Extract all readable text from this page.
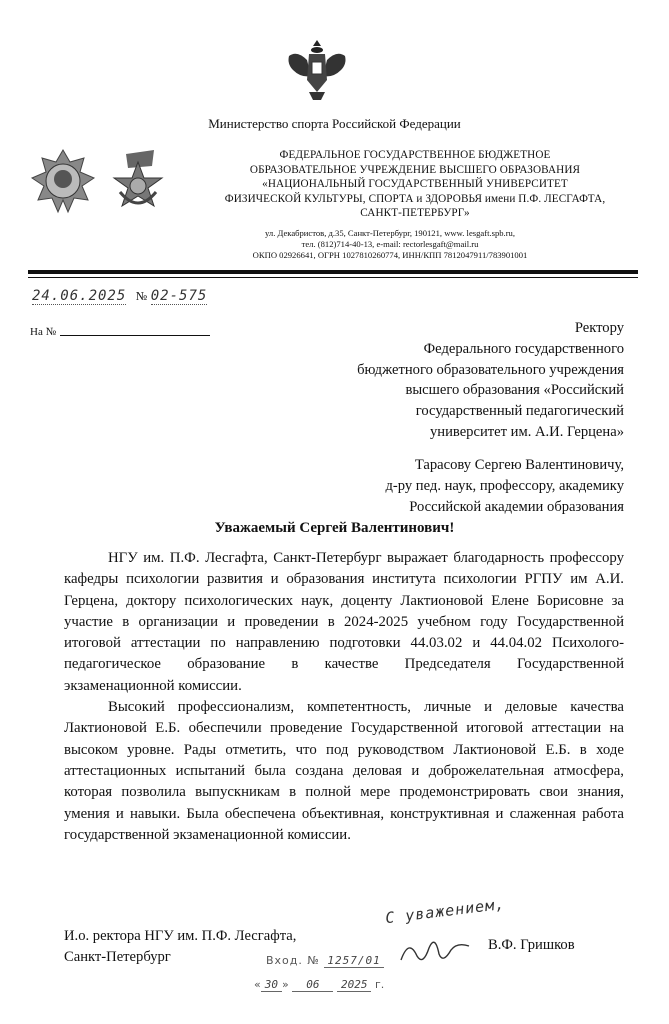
Министерство спорта Российской Федерации
ФЕДЕРАЛЬНОЕ ГОСУДАРСТВЕННОЕ БЮДЖЕТНОЕ
ОБРАЗОВАТЕЛЬНОЕ УЧРЕЖДЕНИЕ ВЫСШЕГО ОБРАЗОВАНИЯ
«НАЦИОНАЛЬНЫЙ ГОСУДАРСТВЕННЫЙ УНИВЕРСИТЕТ
ФИЗИЧЕСКОЙ КУЛЬТУРЫ, СПОРТА и ЗДОРОВЬЯ имени П.Ф. ЛЕСГАФТА,
САНКТ-ПЕТЕРБУРГ»
ул. Декабристов, д.35, Санкт-Петербург, 190121, www. lesgaft.spb.ru,
тел. (812)714-40-13, e-mail: rectorlesgaft@mail.ru
ОКПО 02926641, ОГРН 1027810260774, ИНН/КПП 7812047911/783901001
24.06.2025 № 02-575
На №	Ректору
Федерального государственного
бюджетного образовательного учреждения
высшего образования «Российский
государственный педагогический
университет им. А.И. Герцена»
Тарасову Сергею Валентиновичу,
д-ру пед. наук, профессору, академику
Российской академии образования
Уважаемый Сергей Валентинович!

НГУ им. П.Ф. Лесгафта, Санкт-Петербург выражает благодарность профессору кафедры психологии развития и образования института психологии РГПУ им А.И. Герцена, доктору психологических наук, доценту Лактионовой Елене Борисовне за участие в организации и проведении в 2024-2025 учебном году Государственной итоговой аттестации по направлению подготовки 44.03.02 и 44.04.02 Психолого-педагогическое образование в качестве Председателя Государственной экзаменационной комиссии.

Высокий профессионализм, компетентность, личные и деловые качества Лактионовой Е.Б. обеспечили проведение Государственной итоговой аттестации на высоком уровне. Рады отметить, что под руководством Лактионовой Е.Б. в ходе аттестационных испытаний была создана деловая и доброжелательная атмосфера, которая позволила выпускникам в полной мере продемонстрировать свои знания, умения и навыки. Была обеспечена объективная, конструктивная и слаженная работа государственной экзаменационной комиссии.

С уважением,
И.о. ректора НГУ им. П.Ф. Лесгафта,
Санкт-Петербург
В.Ф. Гришков
Вход. № 1257/01
« 30 » 06 2025 г.
